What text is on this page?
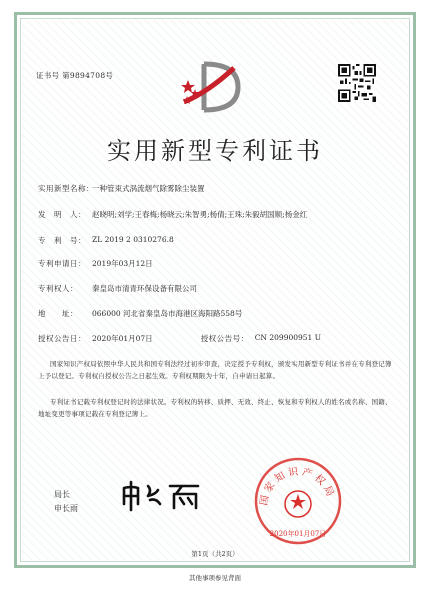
证书号 第9894708号
实用新型专利证书
实用新型名称：
一种管束式涡流烟气除雾除尘装置
发　明　人： 赵晓明;刘学;王春梅;杨晓云;朱智勇;杨倩;王珠;朱毅胡国顺;杨金红
专　利　号： ZL 2019 2 0310276.8
专利申请日： 2019年03月12日
专利权人：	秦皇岛市清青环保设备有限公司
地　　址：	066000 河北省秦皇岛市海港区海阳路558号
授权公告日： 2020年01月07日	授权公告号： CN 209900951 U
国家知识产权局依照中华人民共和国专利法经过初步审查，决定授予专利权，颁发实用新型专利证书并在专利登记簿上予以登记。专利权自授权公告之日起生效。专利权期限为十年，自申请日起算。
专利证书记载专利权登记时的法律状况。专利权的转移、质押、无效、终止、恢复和专利权人的姓名或名称、国籍、地址变更等事项记载在专利登记簿上。
国家知识产权局
2020年01月07日
局长
申长雨
第1页（共2页）
其他事项参见背面
